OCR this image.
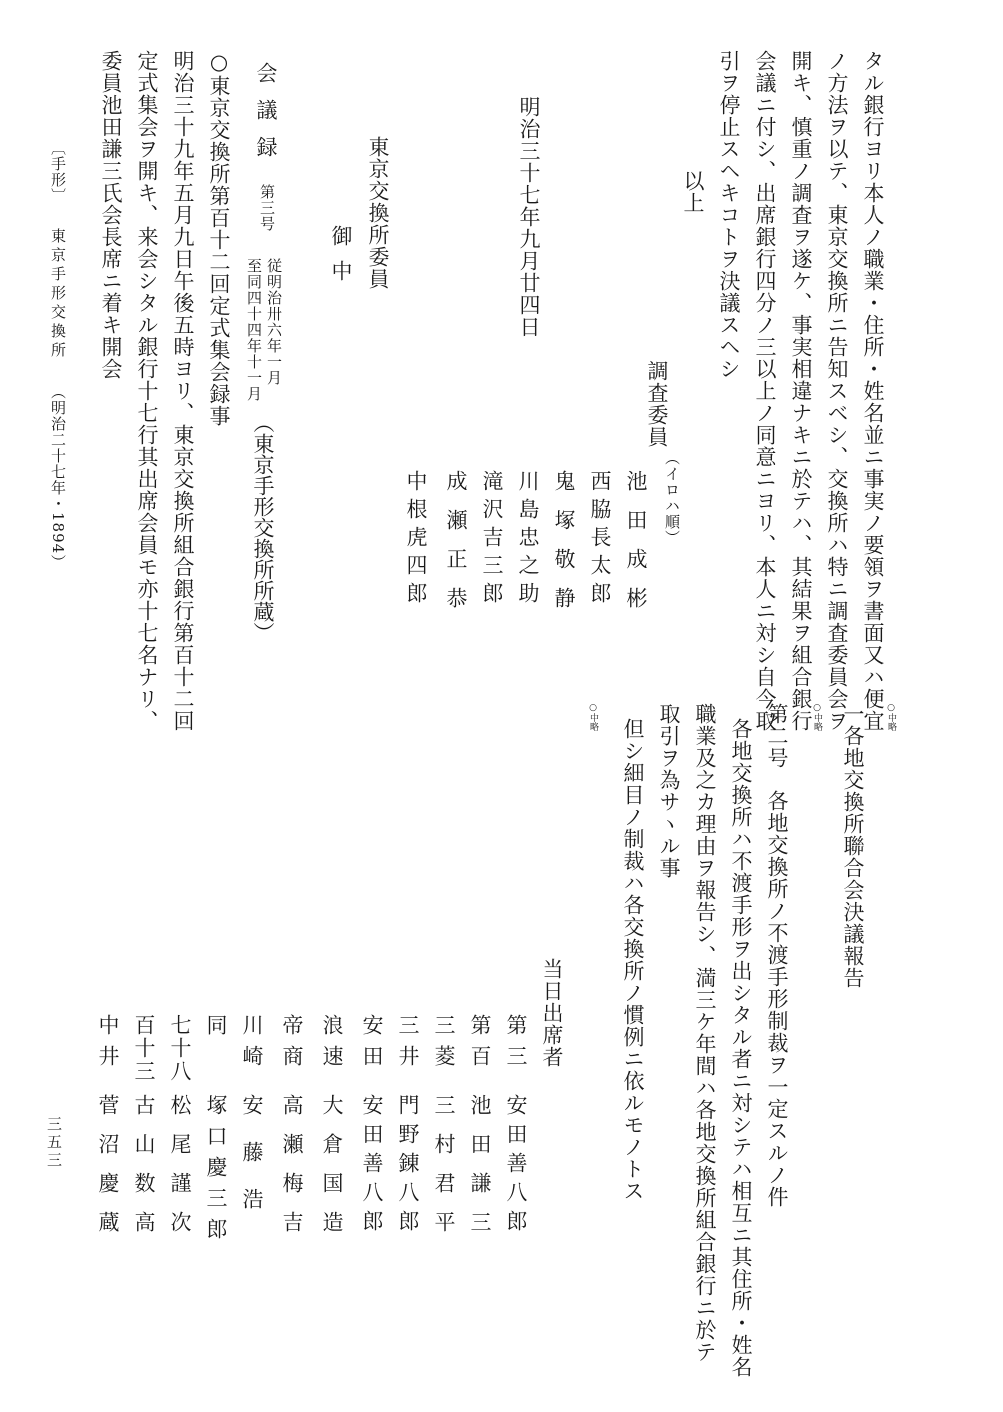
タル銀行ヨリ本人ノ職業・住所・姓名並ニ事実ノ要領ヲ書面又ハ便宜
ノ方法ヲ以テ、東京交換所ニ告知スベシ、交換所ハ特ニ調査委員会ヲ
開キ、慎重ノ調査ヲ遂ケ、事実相違ナキニ於テハ、其結果ヲ組合銀行
会議ニ付シ、出席銀行四分ノ三以上ノ同意ニヨリ、本人ニ対シ自今取
引ヲ停止スヘキコトヲ決議スヘシ
以上
調査委員
（イロハ順）
池田成彬
西脇長太郎
鬼塚敬静
川島忠之助
滝沢吉三郎
成瀬正恭
中根虎四郎
明治三十七年九月廿四日
東京交換所委員
御中
会議録
第三号
従明治卅六年一月
至同四十四年十一月
（東京手形交換所所蔵）
○東京交換所第百十二回定式集会録事
明治三十九年五月九日午後五時ヨリ、東京交換所組合銀行第百十二回
定式集会ヲ開キ、来会シタル銀行十七行其出席会員モ亦十七名ナリ、
委員池田謙三氏会長席ニ着キ開会
〔手形〕
東京手形交換所
（明治二十七年・1894）
○中略
一各地交換所聯合会決議報告
○中略
第二号
各地交換所ノ不渡手形制裁ヲ一定スルノ件
各地交換所ハ不渡手形ヲ出シタル者ニ対シテハ相互ニ其住所・姓名
職業及之カ理由ヲ報告シ、満三ケ年間ハ各地交換所組合銀行ニ於テ
取引ヲ為サヽル事
但シ細目ノ制裁ハ各交換所ノ慣例ニ依ルモノトス
○中略
当日出席者
第三
安田善八郎
第百
池田謙三
三菱
三村君平
三井
門野錬八郎
安田
安田善八郎
浪速
大倉国造
帝商
高瀬梅吉
川崎
安藤浩
同
塚口慶三郎
七十八
松尾謹次
百十三
古山数高
中井
菅沼慶蔵
三五三
